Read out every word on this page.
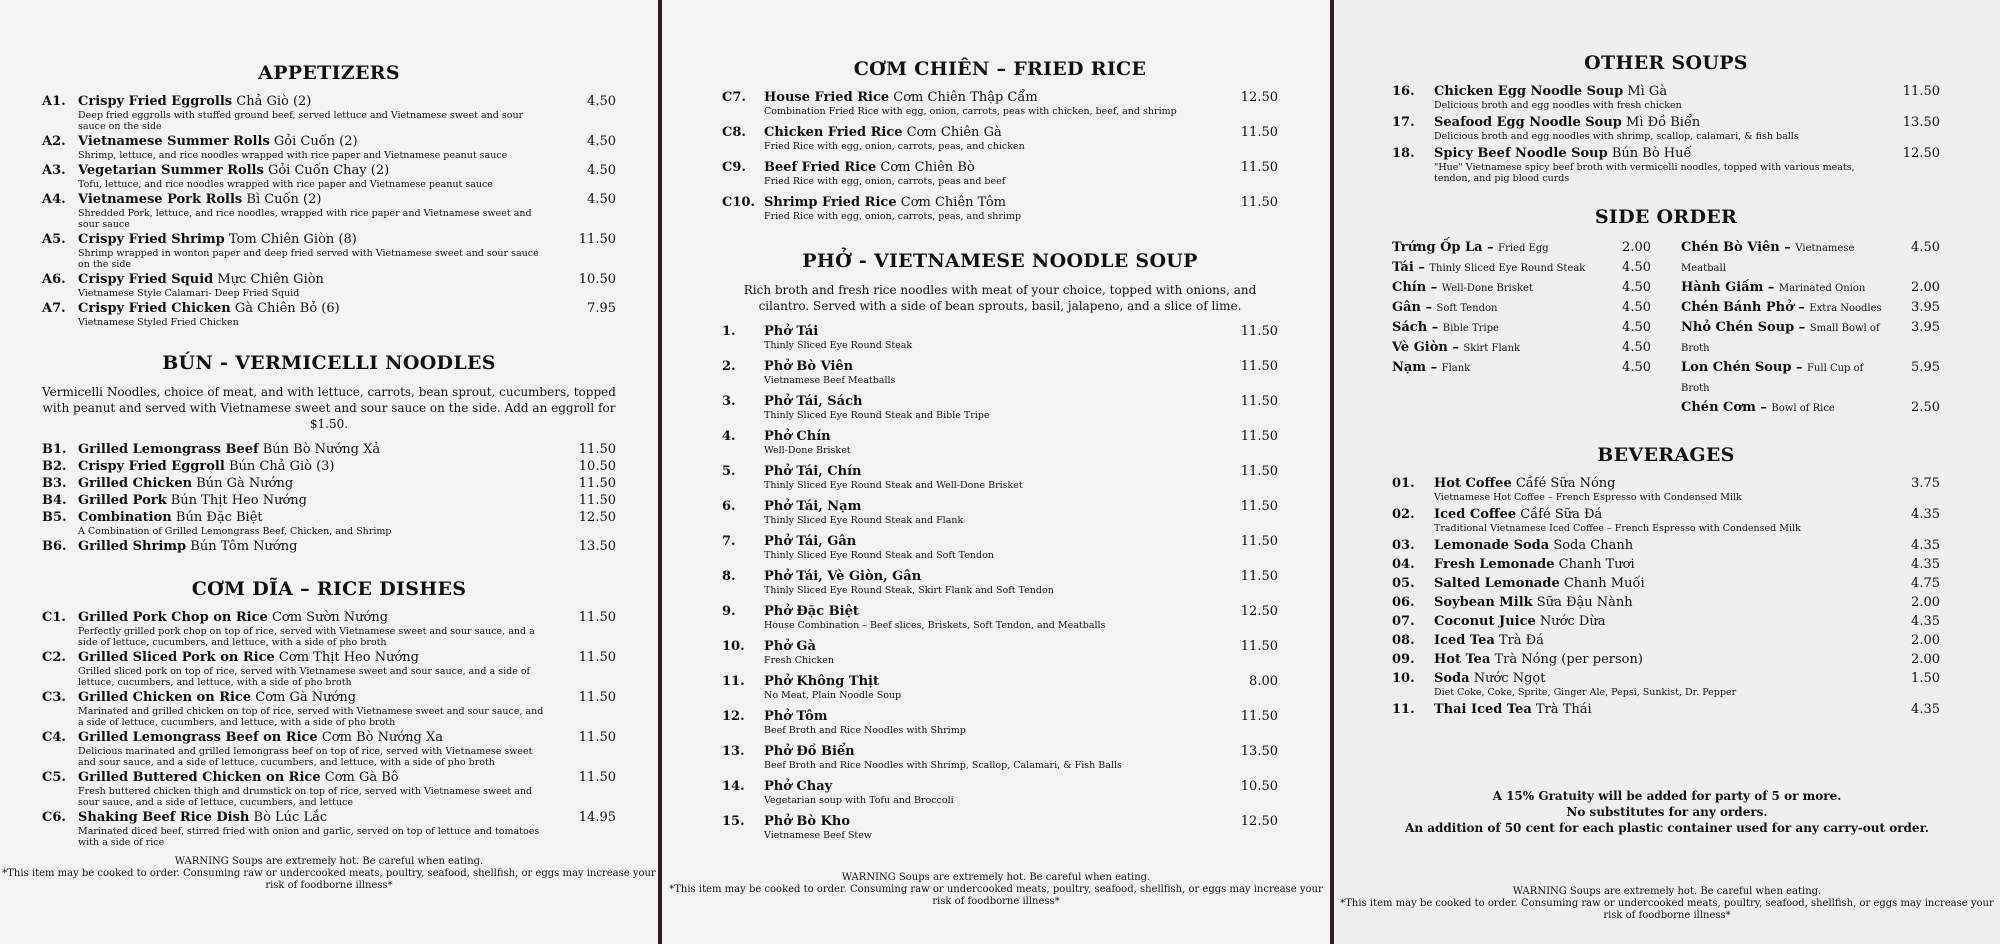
APPETIZERS
A1. Crispy Fried Eggrolls Chả Giò (2)
Deep fried eggrolls with stuffed ground beef, served lettuce and Vietnamese sweet and sour sauce on the side
4.50
A2. Vietnamese Summer Rolls Gỏi Cuốn (2)
Shrimp, lettuce, and rice noodles wrapped with rice paper and Vietnamese peanut sauce
4.50
A3. Vegetarian Summer Rolls Gỏi Cuốn Chay (2)
Tofu, lettuce, and rice noodles wrapped with rice paper and Vietnamese peanut sauce
4.50
A4. Vietnamese Pork Rolls Bì Cuốn (2)
Shredded Pork, lettuce, and rice noodles, wrapped with rice paper and Vietnamese sweet and sour sauce
4.50
A5. Crispy Fried Shrimp Tom Chiên Giòn (8)
Shrimp wrapped in wonton paper and deep fried served with Vietnamese sweet and sour sauce on the side
11.50
A6. Crispy Fried Squid Mực Chiên Giòn
Vietnamese Style Calamari- Deep Fried Squid
10.50
A7. Crispy Fried Chicken Gà Chiên Bỏ (6)
Vietnamese Styled Fried Chicken
7.95
BÚN - VERMICELLI NOODLES
Vermicelli Noodles, choice of meat, and with lettuce, carrots, bean sprout, cucumbers, topped with peanut and served with Vietnamese sweet and sour sauce on the side. Add an eggroll for $1.50.
B1. Grilled Lemongrass Beef Bún Bò Nướng Xả	11.50
B2. Crispy Fried Eggroll Bún Chả Giò (3)	10.50
B3. Grilled Chicken Bún Gà Nướng	11.50
B4. Grilled Pork Bún Thịt Heo Nướng	11.50
B5. Combination Bún Đặc Biệt
A Combination of Grilled Lemongrass Beef, Chicken, and Shrimp
12.50
B6. Grilled Shrimp Bún Tôm Nướng	13.50
CƠM DĨA – RICE DISHES
C1. Grilled Pork Chop on Rice Cơm Sườn Nướng
Perfectly grilled pork chop on top of rice, served with Vietnamese sweet and sour sauce, and a side of lettuce, cucumbers, and lettuce, with a side of pho broth
11.50
C2. Grilled Sliced Pork on Rice Cơm Thịt Heo Nướng
Grilled sliced pork on top of rice, served with Vietnamese sweet and sour sauce, and a side of lettuce, cucumbers, and lettuce, with a side of pho broth
11.50
C3. Grilled Chicken on Rice Cơm Gà Nướng
Marinated and grilled chicken on top of rice, served with Vietnamese sweet and sour sauce, and a side of lettuce, cucumbers, and lettuce, with a side of pho broth
11.50
C4. Grilled Lemongrass Beef on Rice Cơm Bò Nướng Xa
Delicious marinated and grilled lemongrass beef on top of rice, served with Vietnamese sweet and sour sauce, and a side of lettuce, cucumbers, and lettuce, with a side of pho broth
11.50
C5. Grilled Buttered Chicken on Rice Cơm Gà Bô
Fresh buttered chicken thigh and drumstick on top of rice, served with Vietnamese sweet and sour sauce, and a side of lettuce, cucumbers, and lettuce
11.50
C6. Shaking Beef Rice Dish Bò Lúc Lắc
Marinated diced beef, stirred fried with onion and garlic, served on top of lettuce and tomatoes with a side of rice
14.95
WARNING Soups are extremely hot. Be careful when eating.
*This item may be cooked to order. Consuming raw or undercooked meats, poultry, seafood, shellfish, or eggs may increase your risk of foodborne illness*
CƠM CHIÊN – FRIED RICE
C7.	House Fried Rice Cơm Chiên Thập Cẩm
Combination Fried Rice with egg, onion, carrots, peas with chicken, beef, and shrimp
12.50
C8.	Chicken Fried Rice Cơm Chiên Gà
Fried Rice with egg, onion, carrots, peas, and chicken
11.50
C9.	Beef Fried Rice Cơm Chiên Bò
Fried Rice with egg, onion, carrots, peas and beef
11.50
C10. Shrimp Fried Rice Cơm Chiên Tôm
Fried Rice with egg, onion, carrots, peas, and shrimp
11.50
PHỞ - VIETNAMESE NOODLE SOUP
Rich broth and fresh rice noodles with meat of your choice, topped with onions, and cilantro. Served with a side of bean sprouts, basil, jalapeno, and a slice of lime.
1.	Phở Tái
Thinly Sliced Eye Round Steak
11.50
2.	Phở Bò Viên
Vietnamese Beef Meatballs
11.50
3.	Phở Tái, Sách
Thinly Sliced Eye Round Steak and Bible Tripe
11.50
4.	Phở Chín
Well-Done Brisket
11.50
5.	Phở Tái, Chín
Thinly Sliced Eye Round Steak and Well-Done Brisket
11.50
6.	Phở Tái, Nạm
Thinly Sliced Eye Round Steak and Flank
11.50
7.	Phở Tái, Gân
Thinly Sliced Eye Round Steak and Soft Tendon
11.50
8.	Phở Tái, Vè Giòn, Gân
Thinly Sliced Eye Round Steak, Skirt Flank and Soft Tendon
11.50
9.	Phở Đặc Biệt
House Combination – Beef slices, Briskets, Soft Tendon, and Meatballs
12.50
10.	Phở Gà
Fresh Chicken
11.50
11.	Phở Không Thịt
No Meat, Plain Noodle Soup
8.00
12.	Phở Tôm
Beef Broth and Rice Noodles with Shrimp
11.50
13.	Phở Đồ Biển
Beef Broth and Rice Noodles with Shrimp, Scallop, Calamari, & Fish Balls
13.50
14.	Phở Chay
Vegetarian soup with Tofu and Broccoli
10.50
15.	Phở Bò Kho
Vietnamese Beef Stew
12.50
WARNING Soups are extremely hot. Be careful when eating.
*This item may be cooked to order. Consuming raw or undercooked meats, poultry, seafood, shellfish, or eggs may increase your risk of foodborne illness*
OTHER SOUPS
16.	Chicken Egg Noodle Soup Mì Gà
Delicious broth and egg noodles with fresh chicken
11.50
17.	Seafood Egg Noodle Soup Mì Đồ Biển
Delicious broth and egg noodles with shrimp, scallop, calamari, & fish balls
13.50
18.	Spicy Beef Noodle Soup Bún Bò Huế
"Hue" Vietnamese spicy beef broth with vermicelli noodles, topped with various meats, tendon, and pig blood curds
12.50
SIDE ORDER
Trứng Ốp La – Fried Egg	2.00
Tái – Thinly Sliced Eye Round Steak	4.50
Chín – Well-Done Brisket	4.50
Gân – Soft Tendon	4.50
Sách – Bible Tripe	4.50
Vè Giòn – Skirt Flank	4.50
Nạm – Flank	4.50
Chén Bò Viên – Vietnamese Meatball
4.50
Hành Giấm – Marinated Onion	2.00
Chén Bánh Phở – Extra Noodles	3.95
Nhỏ Chén Soup – Small Bowl of Broth
3.95
Lon Chén Soup – Full Cup of Broth
5.95
Chén Cơm – Bowl of Rice	2.50
BEVERAGES
01.	Hot Coffee Cầfé Sữa Nóng
Vietnamese Hot Coffee – French Espresso with Condensed Milk
3.75
02.	Iced Coffee Cầfé Sữa Đá
Traditional Vietnamese Iced Coffee – French Espresso with Condensed Milk
4.35
03.	Lemonade Soda Soda Chanh	4.35
04.	Fresh Lemonade Chanh Tươi	4.35
05.	Salted Lemonade Chanh Muối	4.75
06.	Soybean Milk Sữa Đậu Nành	2.00
07.	Coconut Juice Nước Dừa	4.35
08.	Iced Tea Trà Đá	2.00
09.	Hot Tea Trà Nóng (per person)	2.00
10.	Soda Nước Ngọt
Diet Coke, Coke, Sprite, Ginger Ale, Pepsi, Sunkist, Dr. Pepper
1.50
11.	Thai Iced Tea Trà Thái	4.35
A 15% Gratuity will be added for party of 5 or more.
No substitutes for any orders.
An addition of 50 cent for each plastic container used for any carry-out order.
WARNING Soups are extremely hot. Be careful when eating.
*This item may be cooked to order. Consuming raw or undercooked meats, poultry, seafood, shellfish, or eggs may increase your risk of foodborne illness*
